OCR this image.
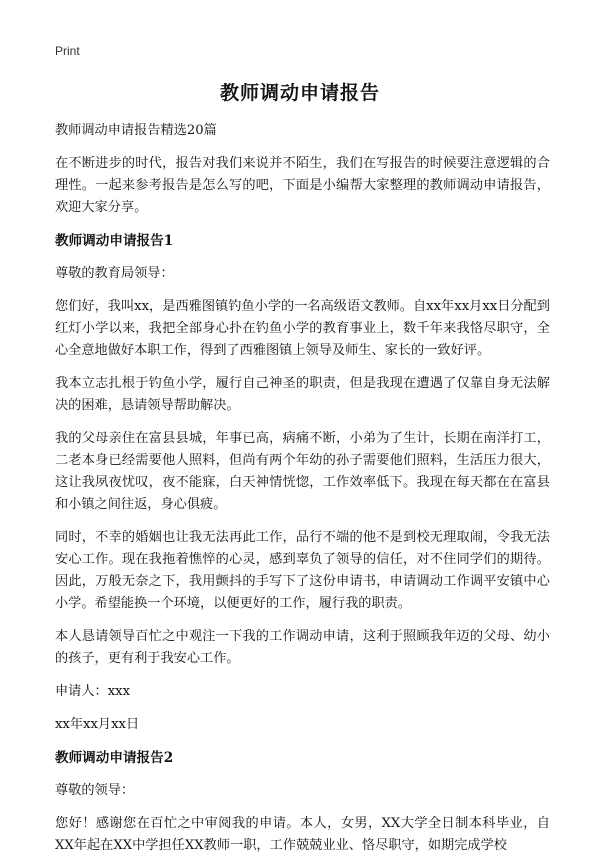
Print
教师调动申请报告

教师调动申请报告精选20篇

在不断进步的时代，报告对我们来说并不陌生，我们在写报告的时候要注意逻辑的合理性。一起来参考报告是怎么写的吧，下面是小编帮大家整理的教师调动申请报告，欢迎大家分享。

教师调动申请报告1

尊敬的教育局领导：

您们好，我叫xx，是西雅图镇钓鱼小学的一名高级语文教师。自xx年xx月xx日分配到红灯小学以来，我把全部身心扑在钓鱼小学的教育事业上，数千年来我恪尽职守，全心全意地做好本职工作，得到了西雅图镇上领导及师生、家长的一致好评。

我本立志扎根于钓鱼小学，履行自己神圣的职责，但是我现在遭遇了仅靠自身无法解决的困难，恳请领导帮助解决。

我的父母亲住在富县县城，年事已高，病痛不断，小弟为了生计，长期在南洋打工，二老本身已经需要他人照料，但尚有两个年幼的孙子需要他们照料，生活压力很大，这让我夙夜忧叹，夜不能寐，白天神情恍惚，工作效率低下。我现在每天都在在富县和小镇之间往返，身心俱疲。

同时，不幸的婚姻也让我无法再此工作，品行不端的他不是到校无理取闹，令我无法安心工作。现在我拖着憔悴的心灵，感到辜负了领导的信任，对不住同学们的期待。因此，万般无奈之下，我用颤抖的手写下了这份申请书，申请调动工作调平安镇中心小学。希望能换一个环境，以便更好的工作，履行我的职责。

本人恳请领导百忙之中观注一下我的工作调动申请，这利于照顾我年迈的父母、幼小的孩子，更有利于我安心工作。

申请人：xxx

xx年xx月xx日

教师调动申请报告2

尊敬的领导：

您好！感谢您在百忙之中审阅我的申请。本人，女男，XX大学全日制本科毕业，自XX年起在XX中学担任XX教师一职，工作兢兢业业、恪尽职守，如期完成学校
